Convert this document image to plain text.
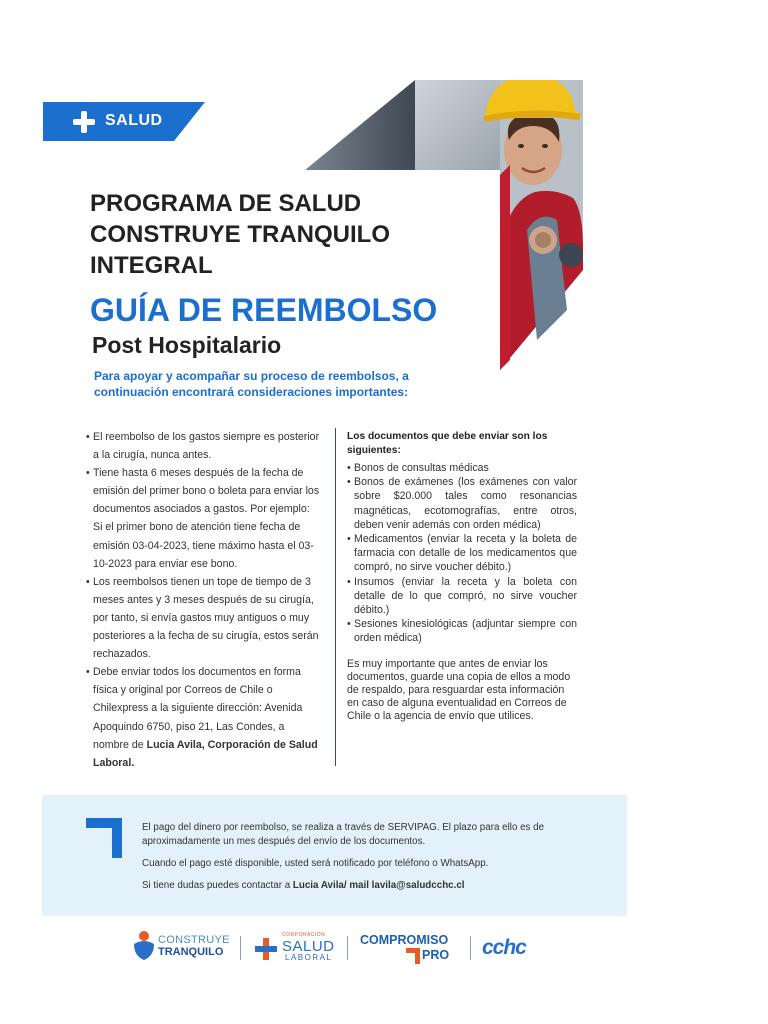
SALUD
PROGRAMA DE SALUD
CONSTRUYE TRANQUILO
INTEGRAL
GUÍA DE REEMBOLSO
Post Hospitalario
Para apoyar y acompañar su proceso de reembolsos, a
continuación encontrará consideraciones importantes:
• El reembolso de los gastos siempre es posterior a la cirugía, nunca antes.
• Tiene hasta 6 meses después de la fecha de emisión del primer bono o boleta para enviar los documentos asociados a gastos. Por ejemplo: Si el primer bono de atención tiene fecha de emisión 03-04-2023, tiene máximo hasta el 03-10-2023 para enviar ese bono.
• Los reembolsos tienen un tope de tiempo de 3 meses antes y 3 meses después de su cirugía, por tanto, si envía gastos muy antiguos o muy posteriores a la fecha de su cirugía, estos serán rechazados.
• Debe enviar todos los documentos en forma física y original por Correos de Chile o Chilexpress a la siguiente dirección: Avenida Apoquindo 6750, piso 21, Las Condes, a nombre de Lucia Avila, Corporación de Salud Laboral.
Los documentos que debe enviar son los siguientes:
• Bonos de consultas médicas
• Bonos de exámenes (los exámenes con valor sobre $20.000 tales como resonancias magnéticas, ecotomografías, entre otros, deben venir además con orden médica)
• Medicamentos (enviar la receta y la boleta de farmacia con detalle de los medicamentos que compró, no sirve voucher débito.)
• Insumos (enviar la receta y la boleta con detalle de lo que compró, no sirve voucher débito.)
• Sesiones kinesiológicas (adjuntar siempre con orden médica)
Es muy importante que antes de enviar los documentos, guarde una copia de ellos a modo de respaldo, para resguardar esta información en caso de alguna eventualidad en Correos de Chile o la agencia de envío que utilices.

El pago del dinero por reembolso, se realiza a través de SERVIPAG. El plazo para ello es de aproximadamente un mes después del envío de los documentos.

Cuando el pago esté disponible, usted será notificado por teléfono o WhatsApp.

Si tiene dudas puedes contactar a Lucia Avila/ mail lavila@saludcchc.cl

CONSTRUYE
TRANQUILO
CORPORACIÓN
SALUD
LABORAL
COMPROMISO
PRO cchc
